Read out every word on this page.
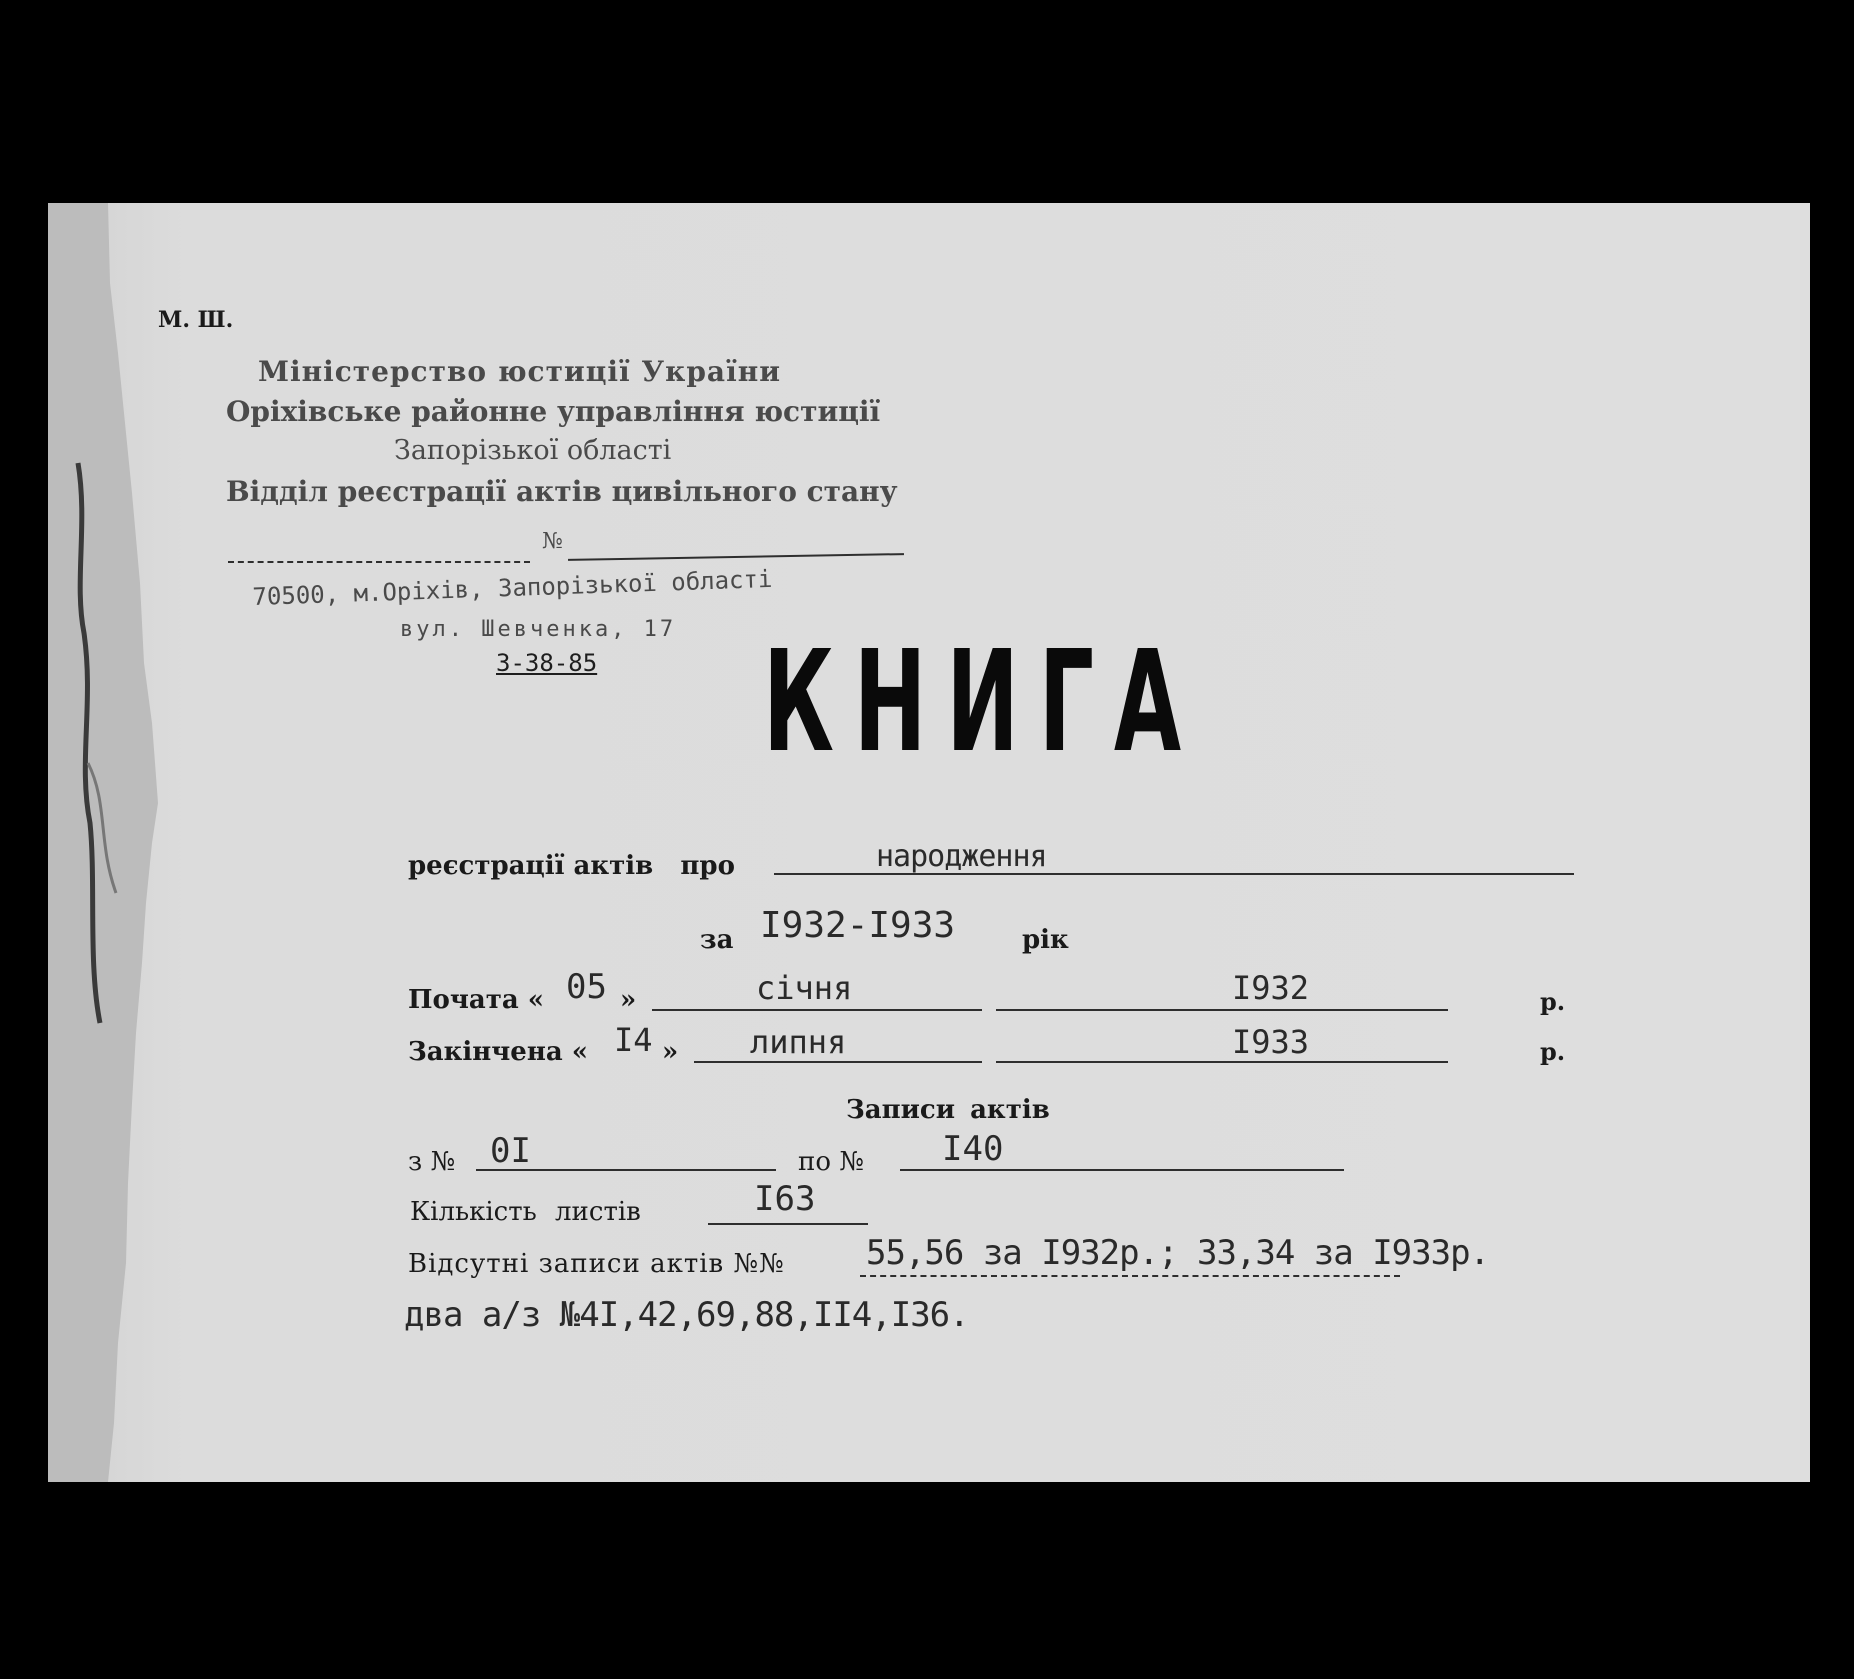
М. Ш.
Міністерство юстиції України
Оріхівське районне управління юстиції
Запорізької області
Відділ реєстрації актів цивільного стану
№
70500, м.Оріхів, Запорізької області
вул. Шевченка, 17
3-38-85 КНИГА
реєстрації актів   про	народження
за I932-I933	рік
Почата « 05 »	січня	I932	р.
Закінчена « I4 » липня	I933	р.
Записи актів
з № 0I	по № I40
Кількість листів	I63
Відсутні записи актів №№ 55,56 за I932р.; 33,34 за I933р.
два а/з №4I,42,69,88,II4,I36.
